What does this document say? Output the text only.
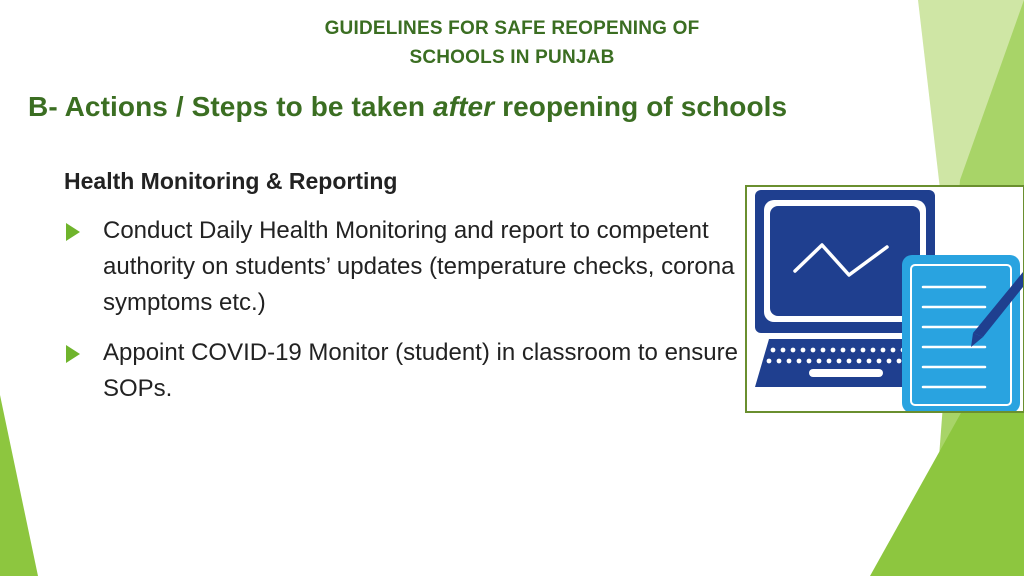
GUIDELINES FOR SAFE REOPENING OF
SCHOOLS IN PUNJAB
B- Actions / Steps to be taken after reopening of schools
Health Monitoring & Reporting
Conduct Daily Health Monitoring and report to competent authority on students’ updates (temperature checks, corona symptoms etc.)
Appoint COVID-19 Monitor (student) in classroom to ensure SOPs.
